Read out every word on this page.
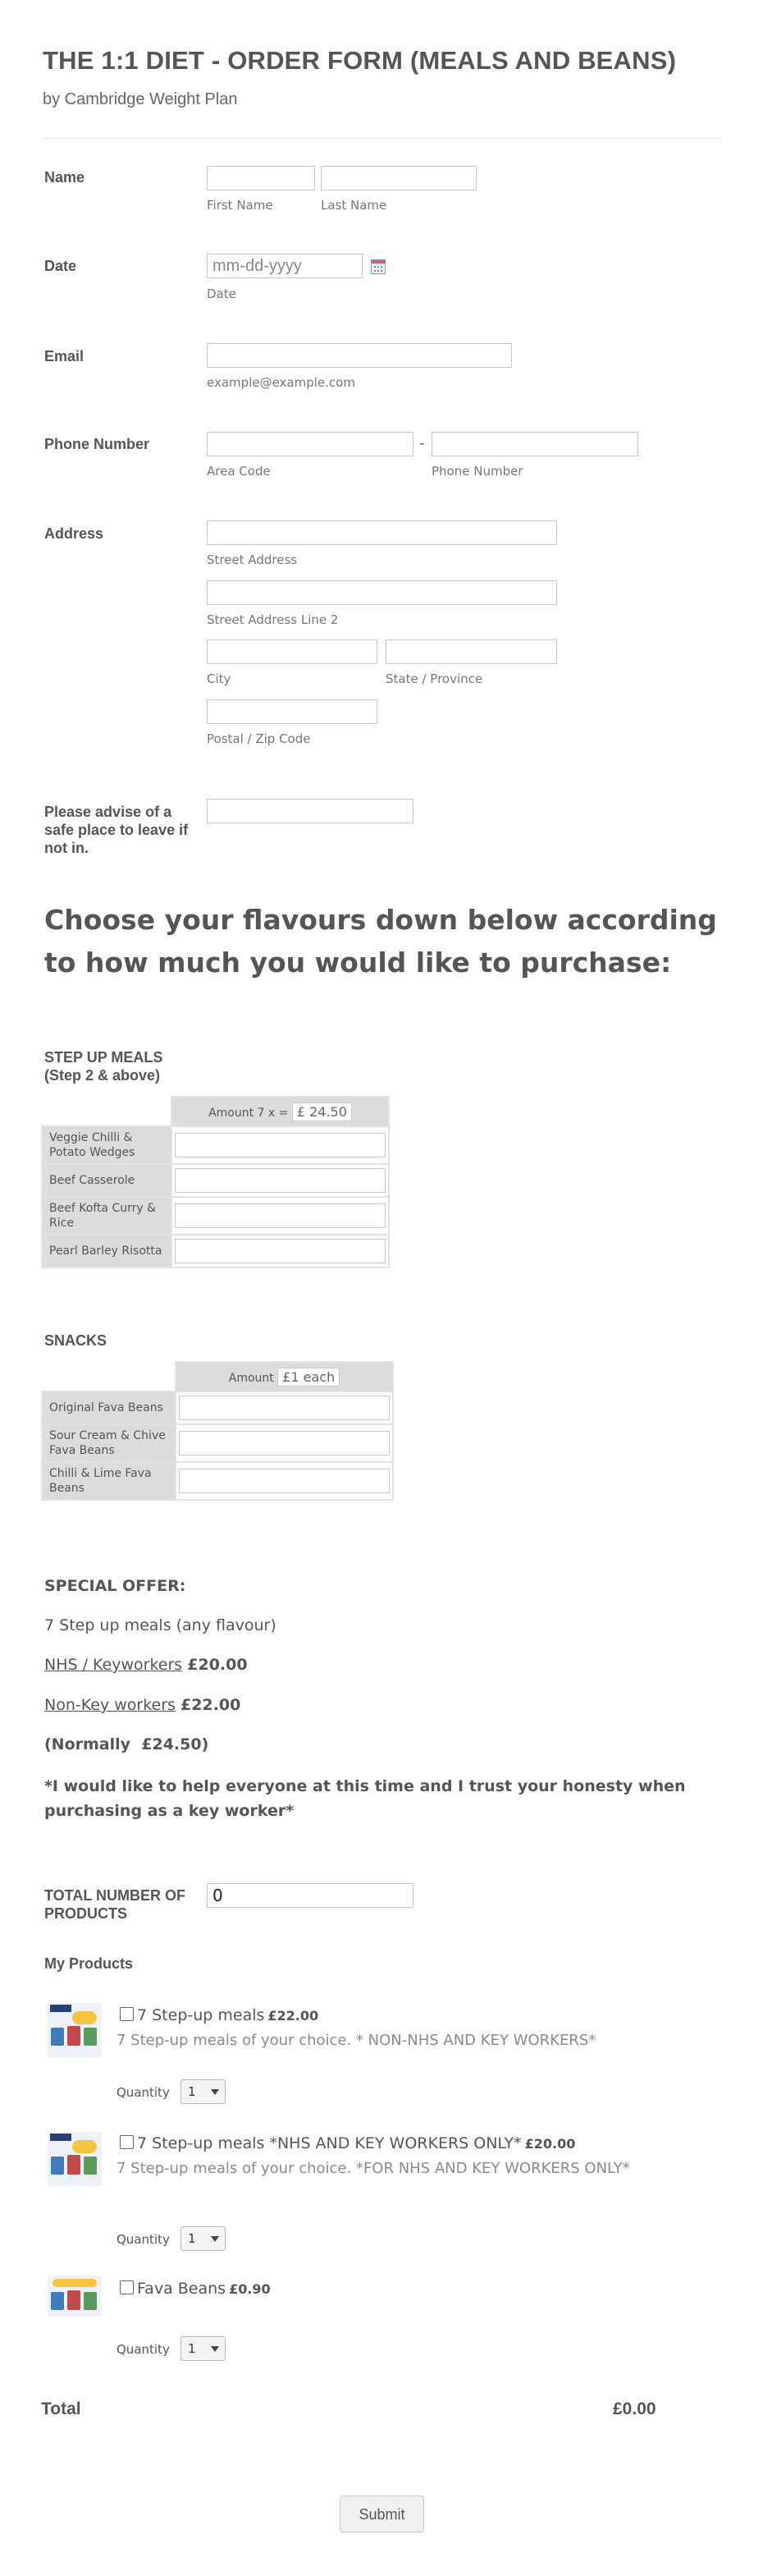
THE 1:1 DIET - ORDER FORM (MEALS AND BEANS)
by Cambridge Weight Plan
Name
First Name	Last Name
Date	mm-dd-yyyy
Date
Email
example@example.com
Phone Number	-
Area Code	Phone Number
Address
Street Address
Street Address Line 2
City	State / Province
Postal / Zip Code
Please advise of a
safe place to leave if
not in.
Choose your flavours down below according to how much you would like to purchase:
STEP UP MEALS
(Step 2 & above)
	Amount 7 x = £ 24.50
Veggie Chilli & Potato Wedges	

Beef Casserole	

Beef Kofta Curry & Rice	

Pearl Barley Risotta	
SNACKS
	Amount £1 each
Original Fava Beans	

Sour Cream & Chive Fava Beans	

Chilli & Lime Fava Beans	
SPECIAL OFFER:
7 Step up meals (any flavour)
NHS / Keyworkers £20.00
Non-Key workers £22.00
(Normally  £24.50)
*I would like to help everyone at this time and I trust your honesty when purchasing as a key worker*
TOTAL NUMBER OF
PRODUCTS
0
My Products
7 Step-up meals £22.00
7 Step-up meals of your choice. * NON-NHS AND KEY WORKERS*
Quantity 1
7 Step-up meals *NHS AND KEY WORKERS ONLY* £20.00
7 Step-up meals of your choice. *FOR NHS AND KEY WORKERS ONLY*
Quantity 1
Fava Beans £0.90
Quantity 1
Total	£0.00
Submit
